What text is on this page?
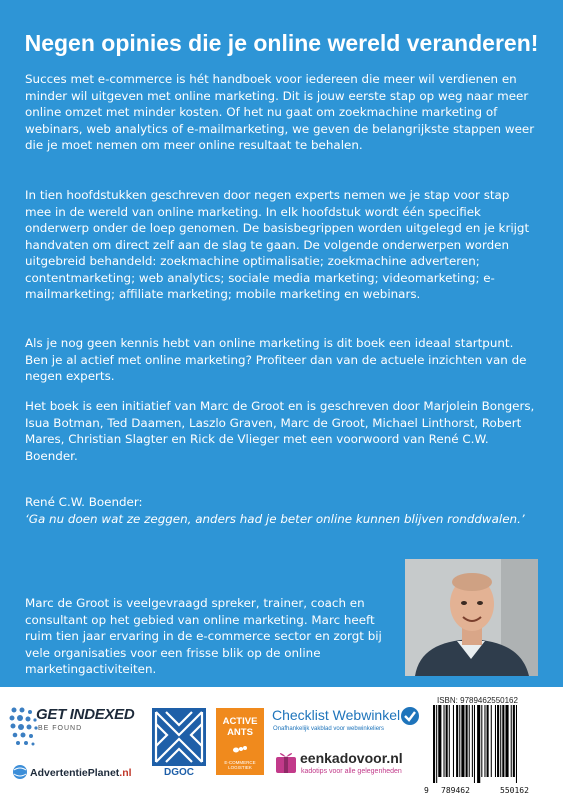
Negen opinies die je online wereld veranderen!

Succes met e-commerce is hét handboek voor iedereen die meer wil verdienen en minder wil uitgeven met online marketing. Dit is jouw eerste stap op weg naar meer online omzet met minder kosten. Of het nu gaat om zoekmachine marketing of webinars, web analytics of e-mailmarketing, we geven de belangrijkste stappen weer die je moet nemen om meer online resultaat te behalen.

In tien hoofdstukken geschreven door negen experts nemen we je stap voor stap mee in de wereld van online marketing. In elk hoofdstuk wordt één specifiek onderwerp onder de loep genomen. De basisbegrippen worden uitgelegd en je krijgt handvaten om direct zelf aan de slag te gaan. De volgende onderwerpen worden uitgebreid behandeld: zoekmachine optimalisatie; zoekmachine adverteren; contentmarketing; web analytics; sociale media marketing; videomarketing; e-mailmarketing; affiliate marketing; mobile marketing en webinars.

Als je nog geen kennis hebt van online marketing is dit boek een ideaal startpunt. Ben je al actief met online marketing? Profiteer dan van de actuele inzichten van de negen experts.

Het boek is een initiatief van Marc de Groot en is geschreven door Marjolein Bongers, Isua Botman, Ted Daamen, Laszlo Graven, Marc de Groot, Michael Linthorst, Robert Mares, Christian Slagter en Rick de Vlieger met een voorwoord van René C.W. Boender.

René C.W. Boender:

‘Ga nu doen wat ze zeggen, anders had je beter online kunnen blijven ronddwalen.’

Marc de Groot is veelgevraagd spreker, trainer, coach en consultant op het gebied van online marketing. Marc heeft ruim tien jaar ervaring in de e-commerce sector en zorgt bij vele organisaties voor een frisse blik op de online marketingactiviteiten.

GET INDEXED
BE FOUND
AdvertentiePlanet.nl	DGOC
ACTIVE ANTS
E-COMMERCE LOGISTIEK
Checklist Webwinkel
Onafhankelijk vakblad voor webwinkeliers
eenkadovoor.nl
kadotips voor alle gelegenheden
ISBN: 9789462550162
9 789462	550162
